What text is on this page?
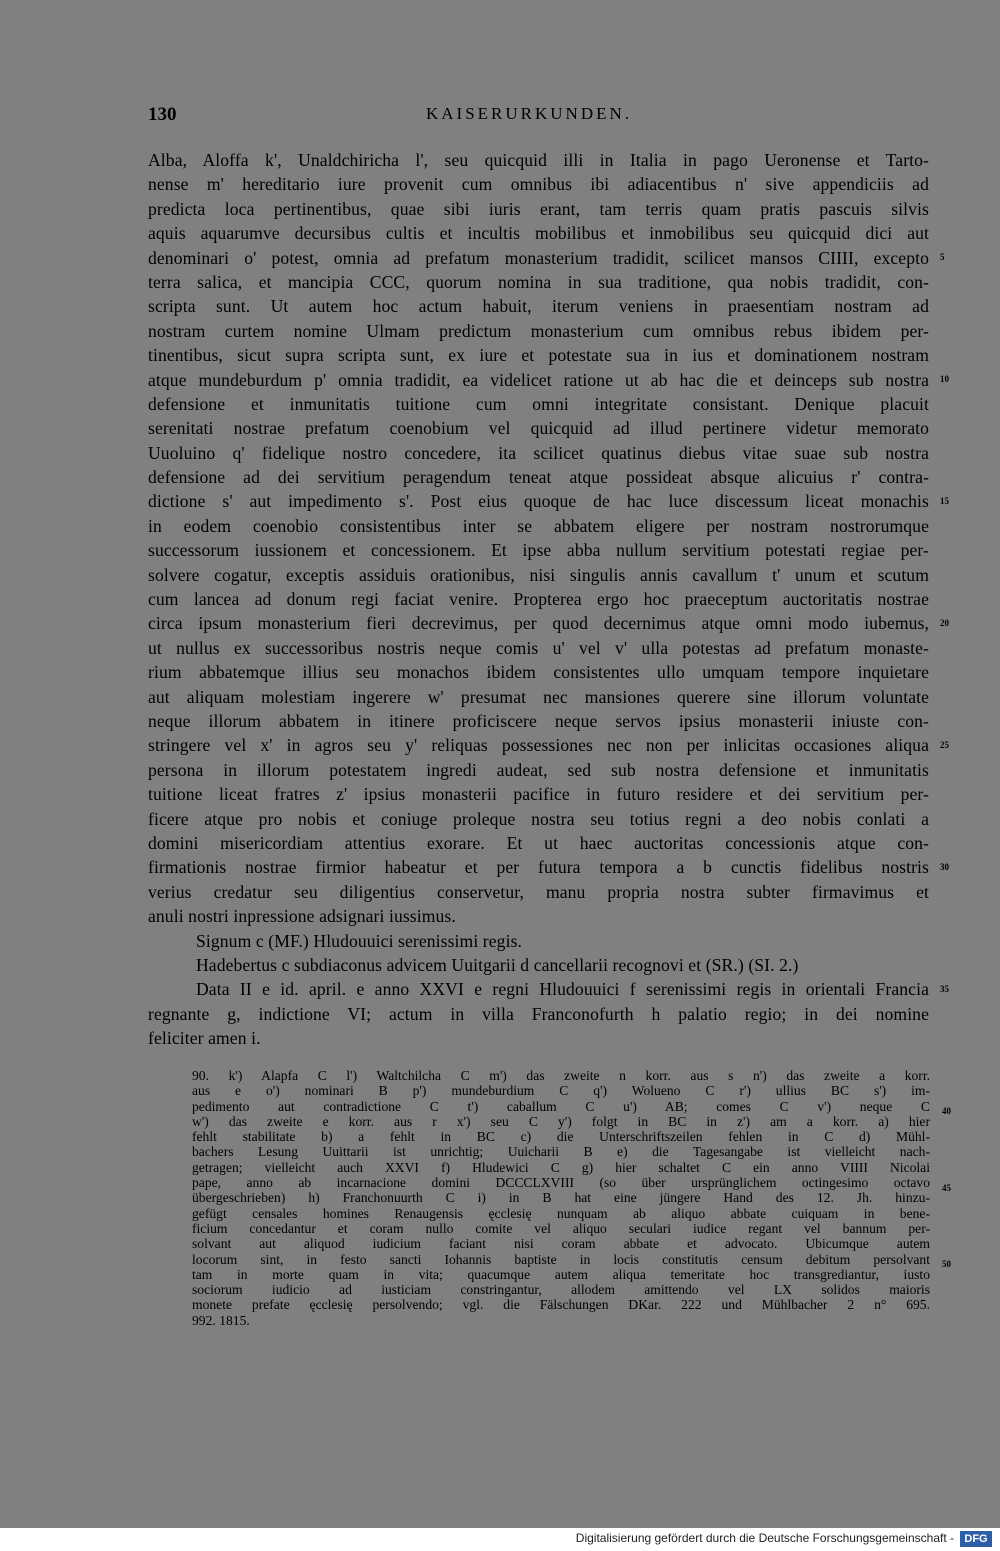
130	KAISERURKUNDEN.
Alba, Aloffa k', Unaldchiricha l', seu quicquid illi in Italia in pago Ueronense et Tarto-
nense m' hereditario iure provenit cum omnibus ibi adiacentibus n' sive appendiciis ad
predicta loca pertinentibus, quae sibi iuris erant, tam terris quam pratis pascuis silvis
aquis aquarumve decursibus cultis et incultis mobilibus et inmobilibus seu quicquid dici aut
denominari o' potest, omnia ad prefatum monasterium tradidit, scilicet mansos CIIII, excepto
terra salica, et mancipia CCC, quorum nomina in sua traditione, qua nobis tradidit, con-
scripta sunt. Ut autem hoc actum habuit, iterum veniens in praesentiam nostram ad
nostram curtem nomine Ulmam predictum monasterium cum omnibus rebus ibidem per-
tinentibus, sicut supra scripta sunt, ex iure et potestate sua in ius et dominationem nostram
atque mundeburdum p' omnia tradidit, ea videlicet ratione ut ab hac die et deinceps sub nostra
defensione et inmunitatis tuitione cum omni integritate consistant. Denique placuit
serenitati nostrae prefatum coenobium vel quicquid ad illud pertinere videtur memorato
Uuoluino q' fidelique nostro concedere, ita scilicet quatinus diebus vitae suae sub nostra
defensione ad dei servitium peragendum teneat atque possideat absque alicuius r' contra-
dictione s' aut impedimento s'. Post eius quoque de hac luce discessum liceat monachis
in eodem coenobio consistentibus inter se abbatem eligere per nostram nostrorumque
successorum iussionem et concessionem. Et ipse abba nullum servitium potestati regiae per-
solvere cogatur, exceptis assiduis orationibus, nisi singulis annis cavallum t' unum et scutum
cum lancea ad donum regi faciat venire. Propterea ergo hoc praeceptum auctoritatis nostrae
circa ipsum monasterium fieri decrevimus, per quod decernimus atque omni modo iubemus,
ut nullus ex successoribus nostris neque comis u' vel v' ulla potestas ad prefatum monaste-
rium abbatemque illius seu monachos ibidem consistentes ullo umquam tempore inquietare
aut aliquam molestiam ingerere w' presumat nec mansiones querere sine illorum voluntate
neque illorum abbatem in itinere proficiscere neque servos ipsius monasterii iniuste con-
stringere vel x' in agros seu y' reliquas possessiones nec non per inlicitas occasiones aliqua
persona in illorum potestatem ingredi audeat, sed sub nostra defensione et inmunitatis
tuitione liceat fratres z' ipsius monasterii pacifice in futuro residere et dei servitium per-
ficere atque pro nobis et coniuge proleque nostra seu totius regni a deo nobis conlati a
domini misericordiam attentius exorare. Et ut haec auctoritas concessionis atque con-
firmationis nostrae firmior habeatur et per futura tempora a b cunctis fidelibus nostris
verius credatur seu diligentius conservetur, manu propria nostra subter firmavimus et
anuli nostri inpressione adsignari iussimus.
Signum c (MF.) Hludouuici serenissimi regis.
Hadebertus c subdiaconus advicem Uuitgarii d cancellarii recognovi et (SR.) (SI. 2.)
Data II e id. april. e anno XXVI e regni Hludouuici f serenissimi regis in orientali Francia
regnante g, indictione VI; actum in villa Franconofurth h palatio regio; in dei nomine
feliciter amen i.
5
10
15
20
25
30
35
90. k') Alapfa C l') Waltchilcha C m') das zweite n korr. aus s n') das zweite a korr.
aus e o') nominari B p') mundeburdium C q') Wolueno C r') ullius BC s') im-
pedimento aut contradictione C t') caballum C u') AB; comes C v') neque C
w') das zweite e korr. aus r x') seu C y') folgt in BC in z') am a korr. a) hier
fehlt stabilitate b) a fehlt in BC c) die Unterschriftszeilen fehlen in C d) Mühl-
bachers Lesung Uuittarii ist unrichtig; Uuicharii B e) die Tagesangabe ist vielleicht nach-
getragen; vielleicht auch XXVI f) Hludewici C g) hier schaltet C ein anno VIIII Nicolai
pape, anno ab incarnacione domini DCCCLXVIII (so über ursprünglichem octingesimo octavo
übergeschrieben) h) Franchonuurth C i) in B hat eine jüngere Hand des 12. Jh. hinzu-
gefügt censales homines Renaugensis ęcclesię nunquam ab aliquo abbate cuiquam in bene-
ficium concedantur et coram nullo comite vel aliquo seculari iudice regant vel bannum per-
solvant aut aliquod iudicium faciant nisi coram abbate et advocato. Ubicumque autem
locorum sint, in festo sancti Iohannis baptiste in locis constitutis censum debitum persolvant
tam in morte quam in vita; quacumque autem aliqua temeritate hoc transgrediantur, iusto
sociorum iudicio ad iusticiam constringantur, allodem amittendo vel LX solidos maioris
monete prefate ęcclesię persolvendo; vgl. die Fälschungen DKar. 222 und Mühlbacher 2 n° 695.
992. 1815.
40
45
50
Digitalisierung gefördert durch die Deutsche Forschungsgemeinschaft - DFG
